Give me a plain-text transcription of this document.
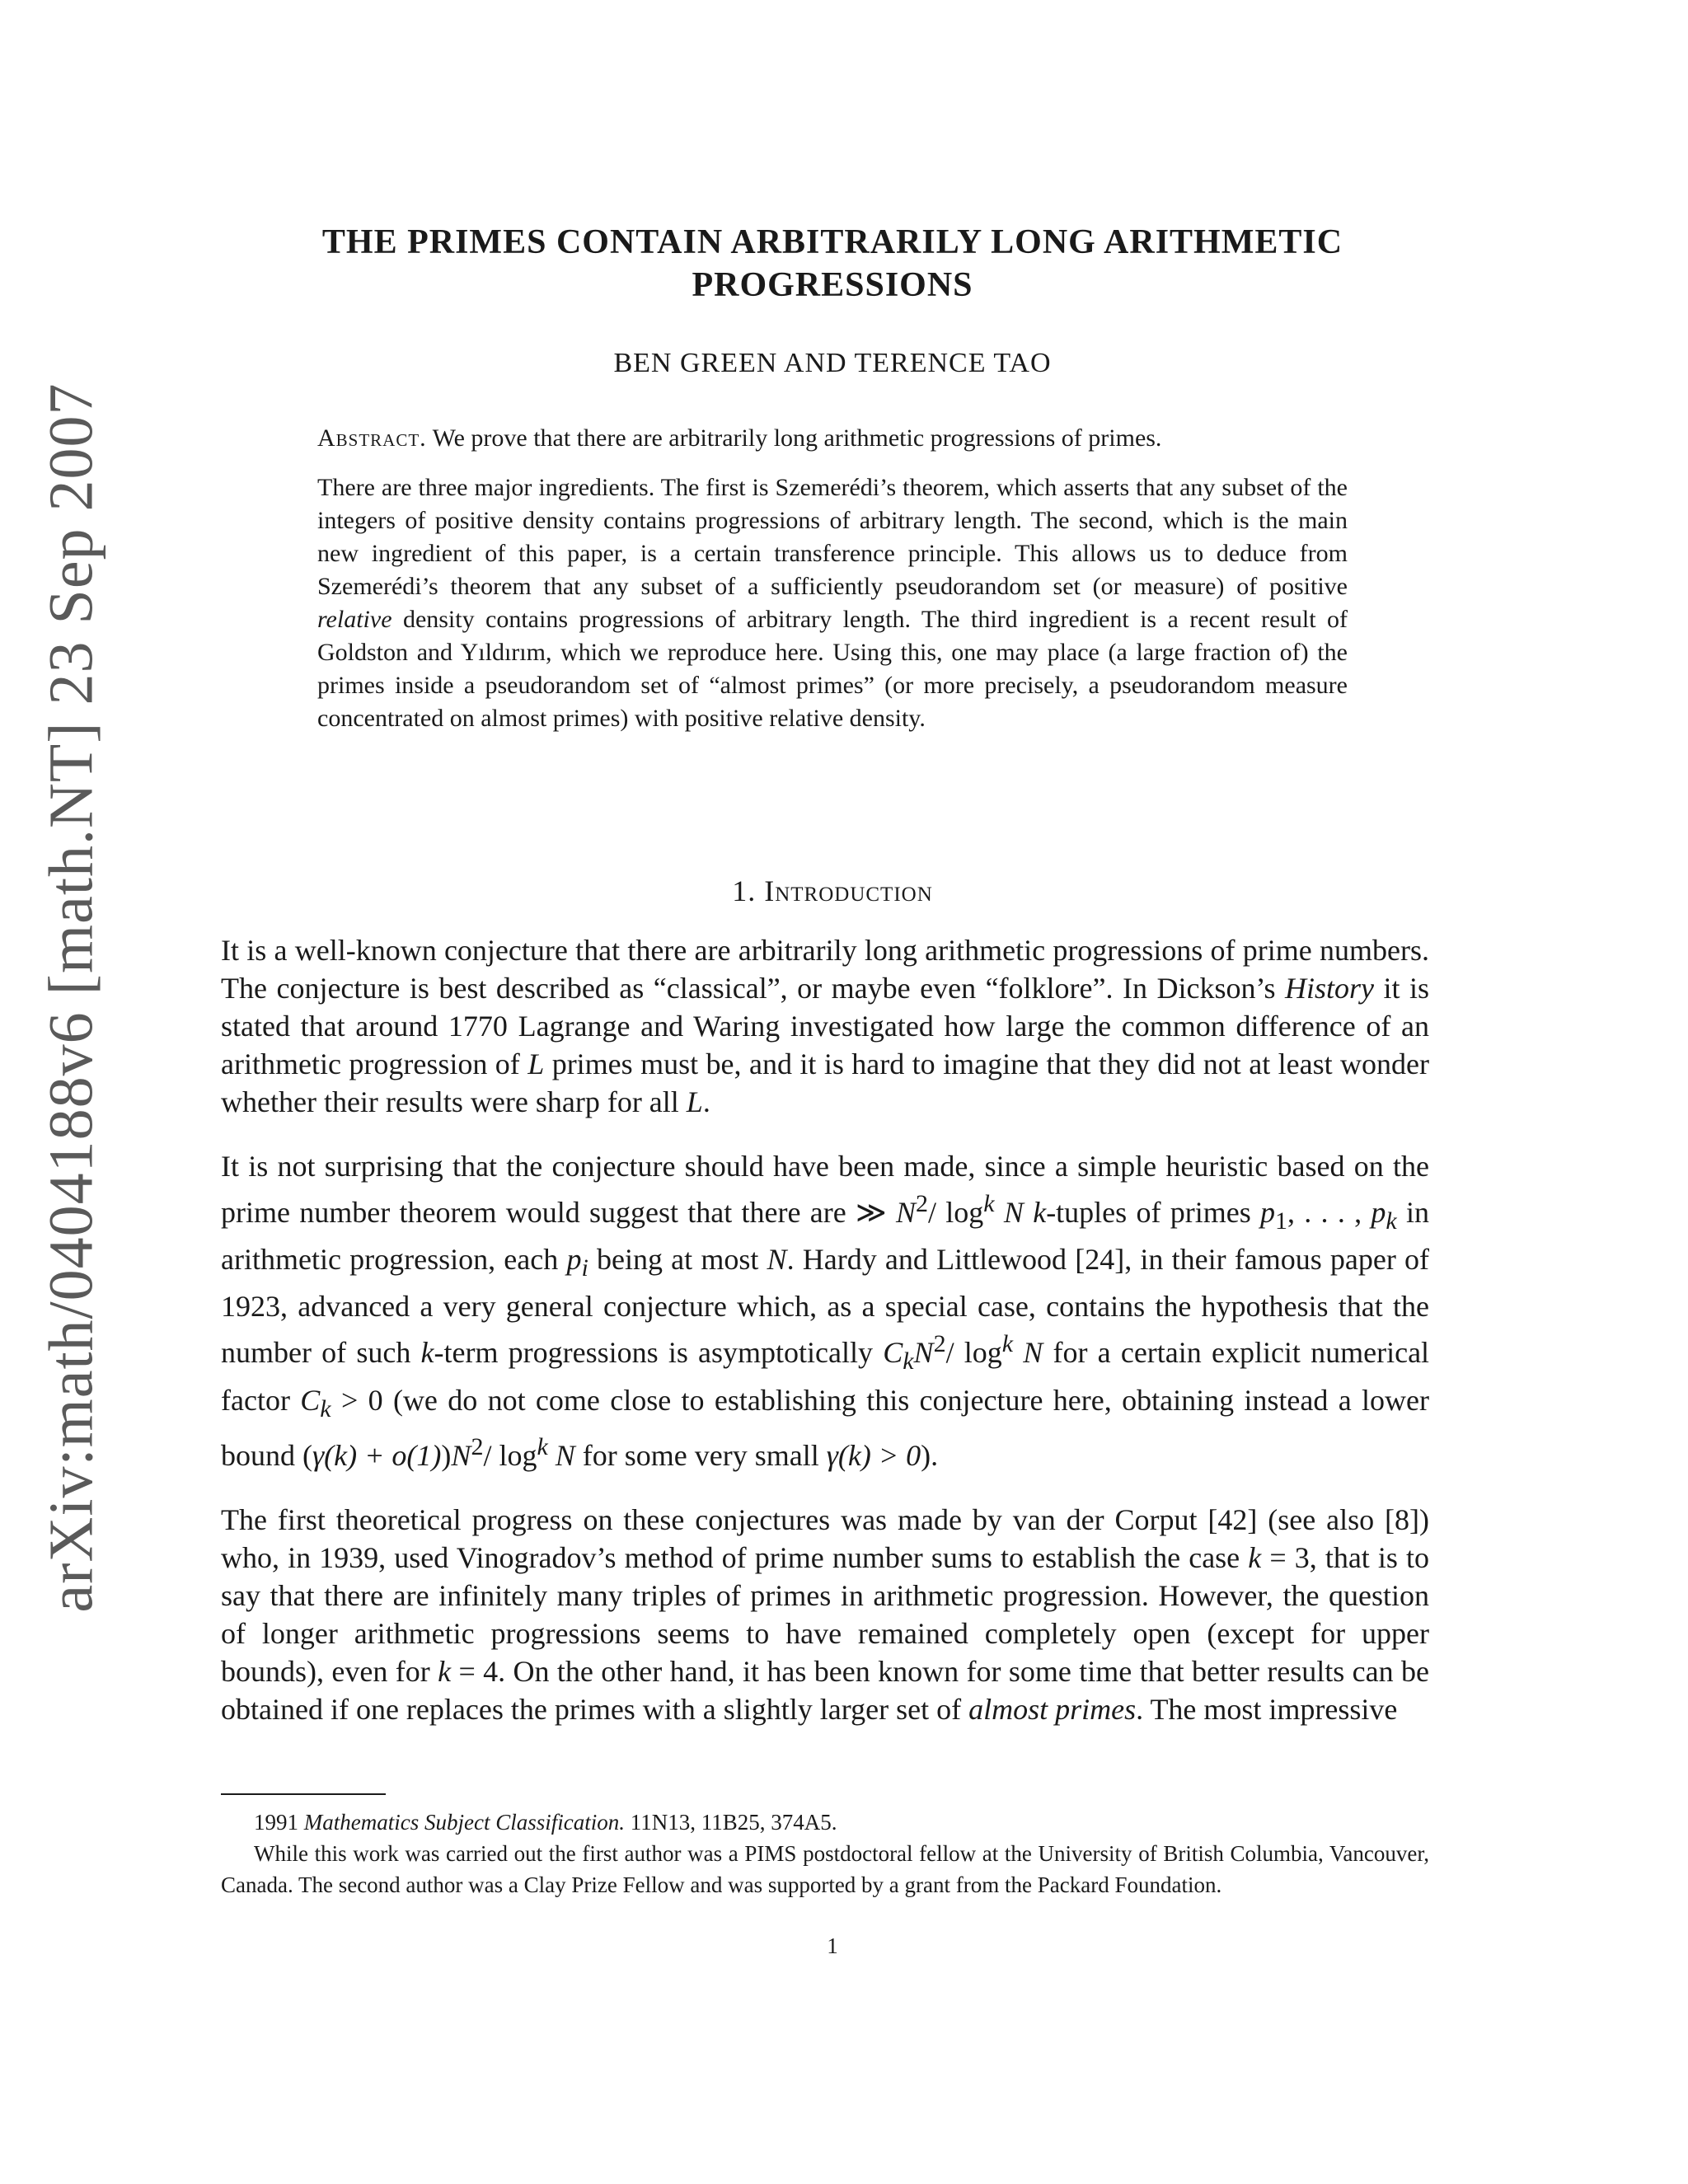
arXiv:math/0404188v6 [math.NT] 23 Sep 2007
THE PRIMES CONTAIN ARBITRARILY LONG ARITHMETIC
PROGRESSIONS
BEN GREEN AND TERENCE TAO

Abstract. We prove that there are arbitrarily long arithmetic progressions of primes.

There are three major ingredients. The first is Szemerédi’s theorem, which asserts that any subset of the integers of positive density contains progressions of arbitrary length. The second, which is the main new ingredient of this paper, is a certain transference principle. This allows us to deduce from Szemerédi’s theorem that any subset of a sufficiently pseudorandom set (or measure) of positive relative density contains progressions of arbitrary length. The third ingredient is a recent result of Goldston and Yıldırım, which we reproduce here. Using this, one may place (a large fraction of) the primes inside a pseudorandom set of “almost primes” (or more precisely, a pseudorandom measure concentrated on almost primes) with positive relative density.

1. Introduction

It is a well-known conjecture that there are arbitrarily long arithmetic progressions of prime numbers. The conjecture is best described as “classical”, or maybe even “folklore”. In Dickson’s History it is stated that around 1770 Lagrange and Waring investigated how large the common difference of an arithmetic progression of L primes must be, and it is hard to imagine that they did not at least wonder whether their results were sharp for all L.

It is not surprising that the conjecture should have been made, since a simple heuristic based on the prime number theorem would suggest that there are ≫ $N^2/$ $\log^k N$ k-tuples of primes $p_1$, . . . , $p_k$ in arithmetic progression, each $p_i$ being at most N. Hardy and Littlewood [24], in their famous paper of 1923, advanced a very general conjecture which, as a special case, contains the hypothesis that the number of such k-term progressions is asymptotically $C_kN^2/$ $\log^k N$ for a certain explicit numerical factor $C_k > 0$ (we do not come close to establishing this conjecture here, obtaining instead a lower bound $(\gamma(k) + o(1))N^2/$ $\log^k N$ for some very small γ(k) > 0).

The first theoretical progress on these conjectures was made by van der Corput [42] (see also [8]) who, in 1939, used Vinogradov’s method of prime number sums to establish the case k = 3, that is to say that there are infinitely many triples of primes in arithmetic progression. However, the question of longer arithmetic progressions seems to have remained completely open (except for upper bounds), even for k = 4. On the other hand, it has been known for some time that better results can be obtained if one replaces the primes with a slightly larger set of almost primes. The most impressive

1991 Mathematics Subject Classification. 11N13, 11B25, 374A5.

While this work was carried out the first author was a PIMS postdoctoral fellow at the University of British Columbia, Vancouver, Canada. The second author was a Clay Prize Fellow and was supported by a grant from the Packard Foundation.

1
